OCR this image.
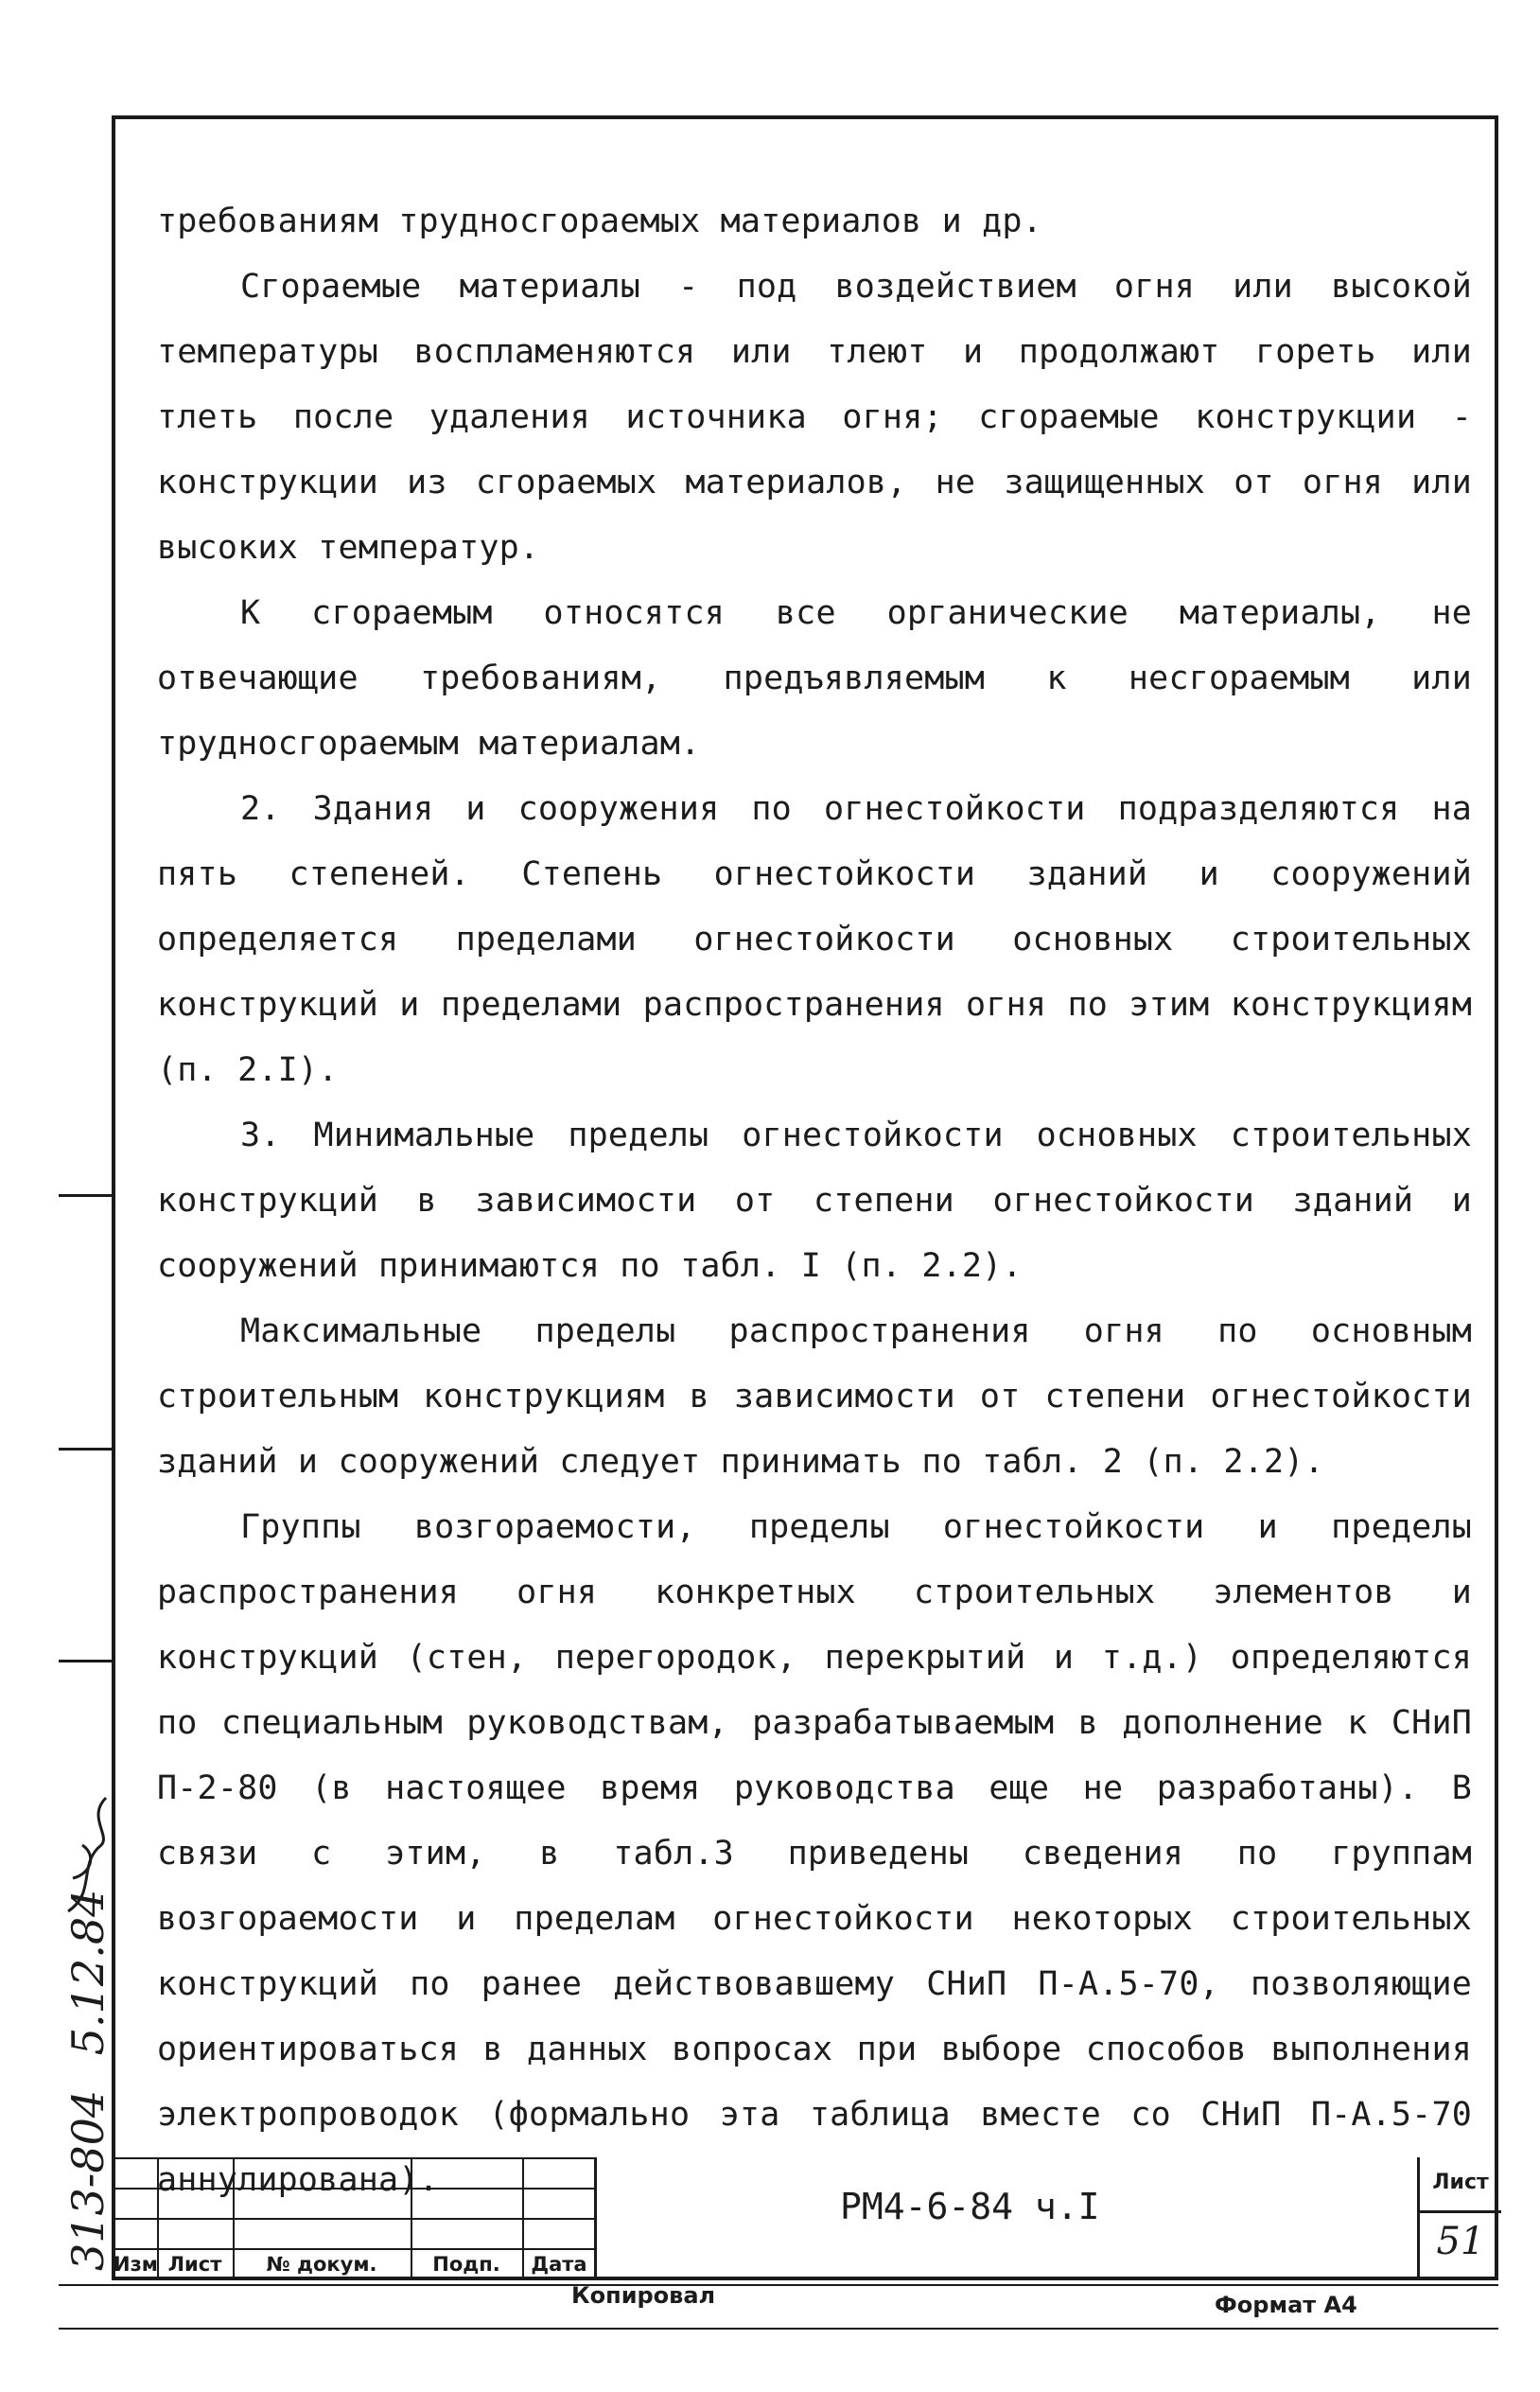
требованиям трудносгораемых материалов и др.

Сгораемые материалы - под воздействием огня или высокой температуры воспламеняются или тлеют и продолжают гореть или тлеть после удаления источника огня; сгораемые конструкции - конструкции из сгораемых материалов, не защищенных от огня или высоких температур.

К сгораемым относятся все органические материалы, не отвечающие требованиям, предъявляемым к несгораемым или трудносгораемым материалам.

2. Здания и сооружения по огнестойкости подразделяются на пять степеней. Степень огнестойкости зданий и сооружений определяется пределами огнестойкости основных строительных конструкций и пределами распространения огня по этим конструкциям (п. 2.I).

3. Минимальные пределы огнестойкости основных строительных конструкций в зависимости от степени огнестойкости зданий и сооружений принимаются по табл. I (п. 2.2).

Максимальные пределы распространения огня по основным строительным конструкциям в зависимости от степени огнестойкости зданий и сооружений следует принимать по табл. 2 (п. 2.2).

Группы возгораемости, пределы огнестойкости и пределы распространения огня конкретных строительных элементов и конструкций (стен, перегородок, перекрытий и т.д.) определяются по специальным руководствам, разрабатываемым в дополнение к СНиП П-2-80 (в настоящее время руководства еще не разработаны). В связи с этим, в табл.3 приведены сведения по группам возгораемости и пределам огнестойкости некоторых строительных конструкций по ранее действовавшему СНиП П-А.5-70, позволяющие ориентироваться в данных вопросах при выборе способов выполнения электропроводок (формально эта таблица вместе со СНиП П-А.5-70 аннулирована).

313-804 5.12.84
Изм Лист	№ докум.	Подп.	Дата
РМ4-6-84 ч.I
Лист
51
Копировал	Формат А4
